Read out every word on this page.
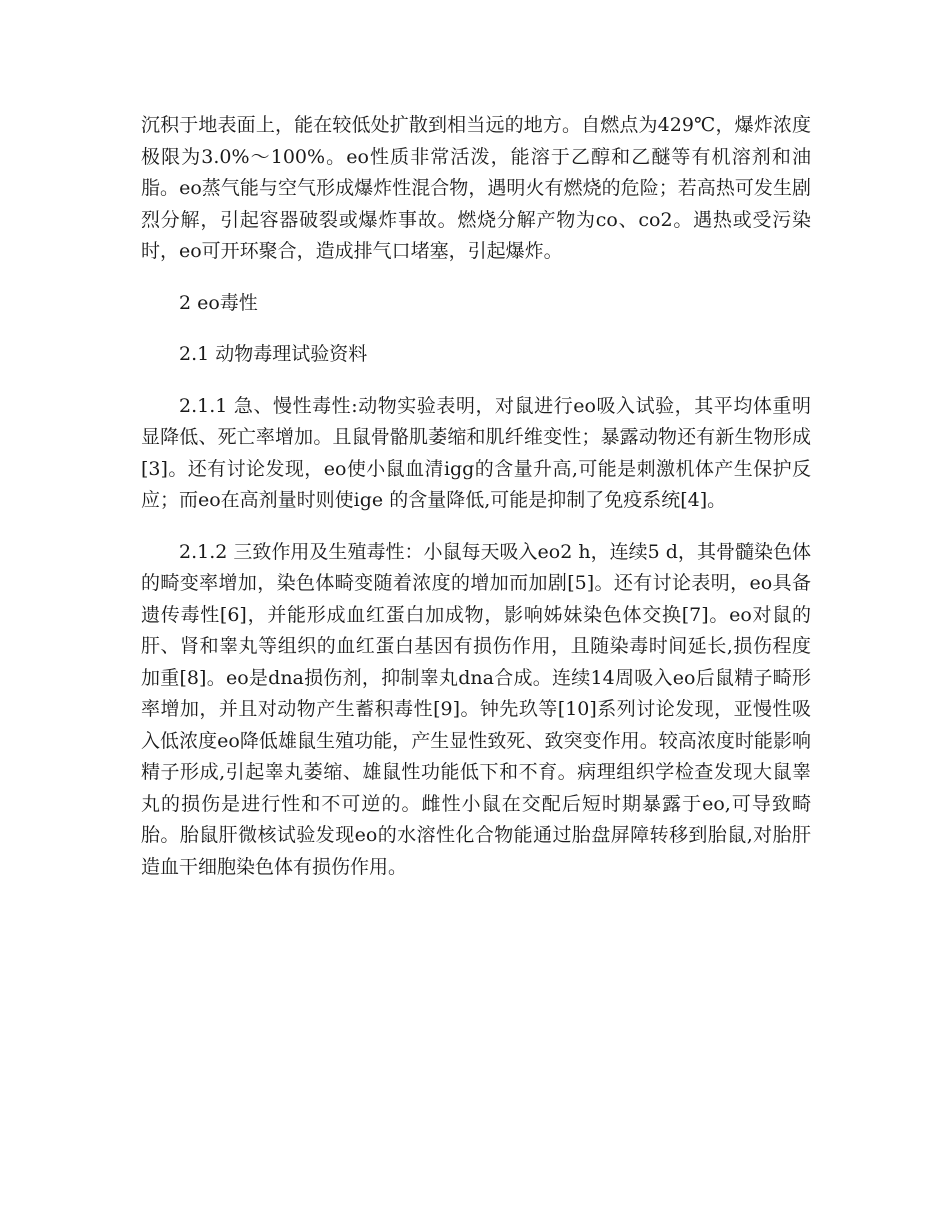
沉积于地表面上，能在较低处扩散到相当远的地方。自燃点为429℃，爆炸浓度极限为3.0%～100%。eo性质非常活泼，能溶于乙醇和乙醚等有机溶剂和油脂。eo蒸气能与空气形成爆炸性混合物，遇明火有燃烧的危险；若高热可发生剧烈分解，引起容器破裂或爆炸事故。燃烧分解产物为co、co2。遇热或受污染时，eo可开环聚合，造成排气口堵塞，引起爆炸。

2 eo毒性

2.1 动物毒理试验资料

2.1.1 急、慢性毒性:动物实验表明，对鼠进行eo吸入试验，其平均体重明显降低、死亡率增加。且鼠骨骼肌萎缩和肌纤维变性；暴露动物还有新生物形成[3]。还有讨论发现，eo使小鼠血清igg的含量升高,可能是刺激机体产生保护反应；而eo在高剂量时则使ige 的含量降低,可能是抑制了免疫系统[4]。

2.1.2 三致作用及生殖毒性：小鼠每天吸入eo2 h，连续5 d，其骨髓染色体的畸变率增加，染色体畸变随着浓度的增加而加剧[5]。还有讨论表明，eo具备遗传毒性[6]，并能形成血红蛋白加成物，影响姊妹染色体交换[7]。eo对鼠的肝、肾和睾丸等组织的血红蛋白基因有损伤作用，且随染毒时间延长,损伤程度加重[8]。eo是dna损伤剂，抑制睾丸dna合成。连续14周吸入eo后鼠精子畸形率增加，并且对动物产生蓄积毒性[9]。钟先玖等[10]系列讨论发现，亚慢性吸入低浓度eo降低雄鼠生殖功能，产生显性致死、致突变作用。较高浓度时能影响精子形成,引起睾丸萎缩、雄鼠性功能低下和不育。病理组织学检查发现大鼠睾丸的损伤是进行性和不可逆的。雌性小鼠在交配后短时期暴露于eo,可导致畸胎。胎鼠肝微核试验发现eo的水溶性化合物能通过胎盘屏障转移到胎鼠,对胎肝造血干细胞染色体有损伤作用。
